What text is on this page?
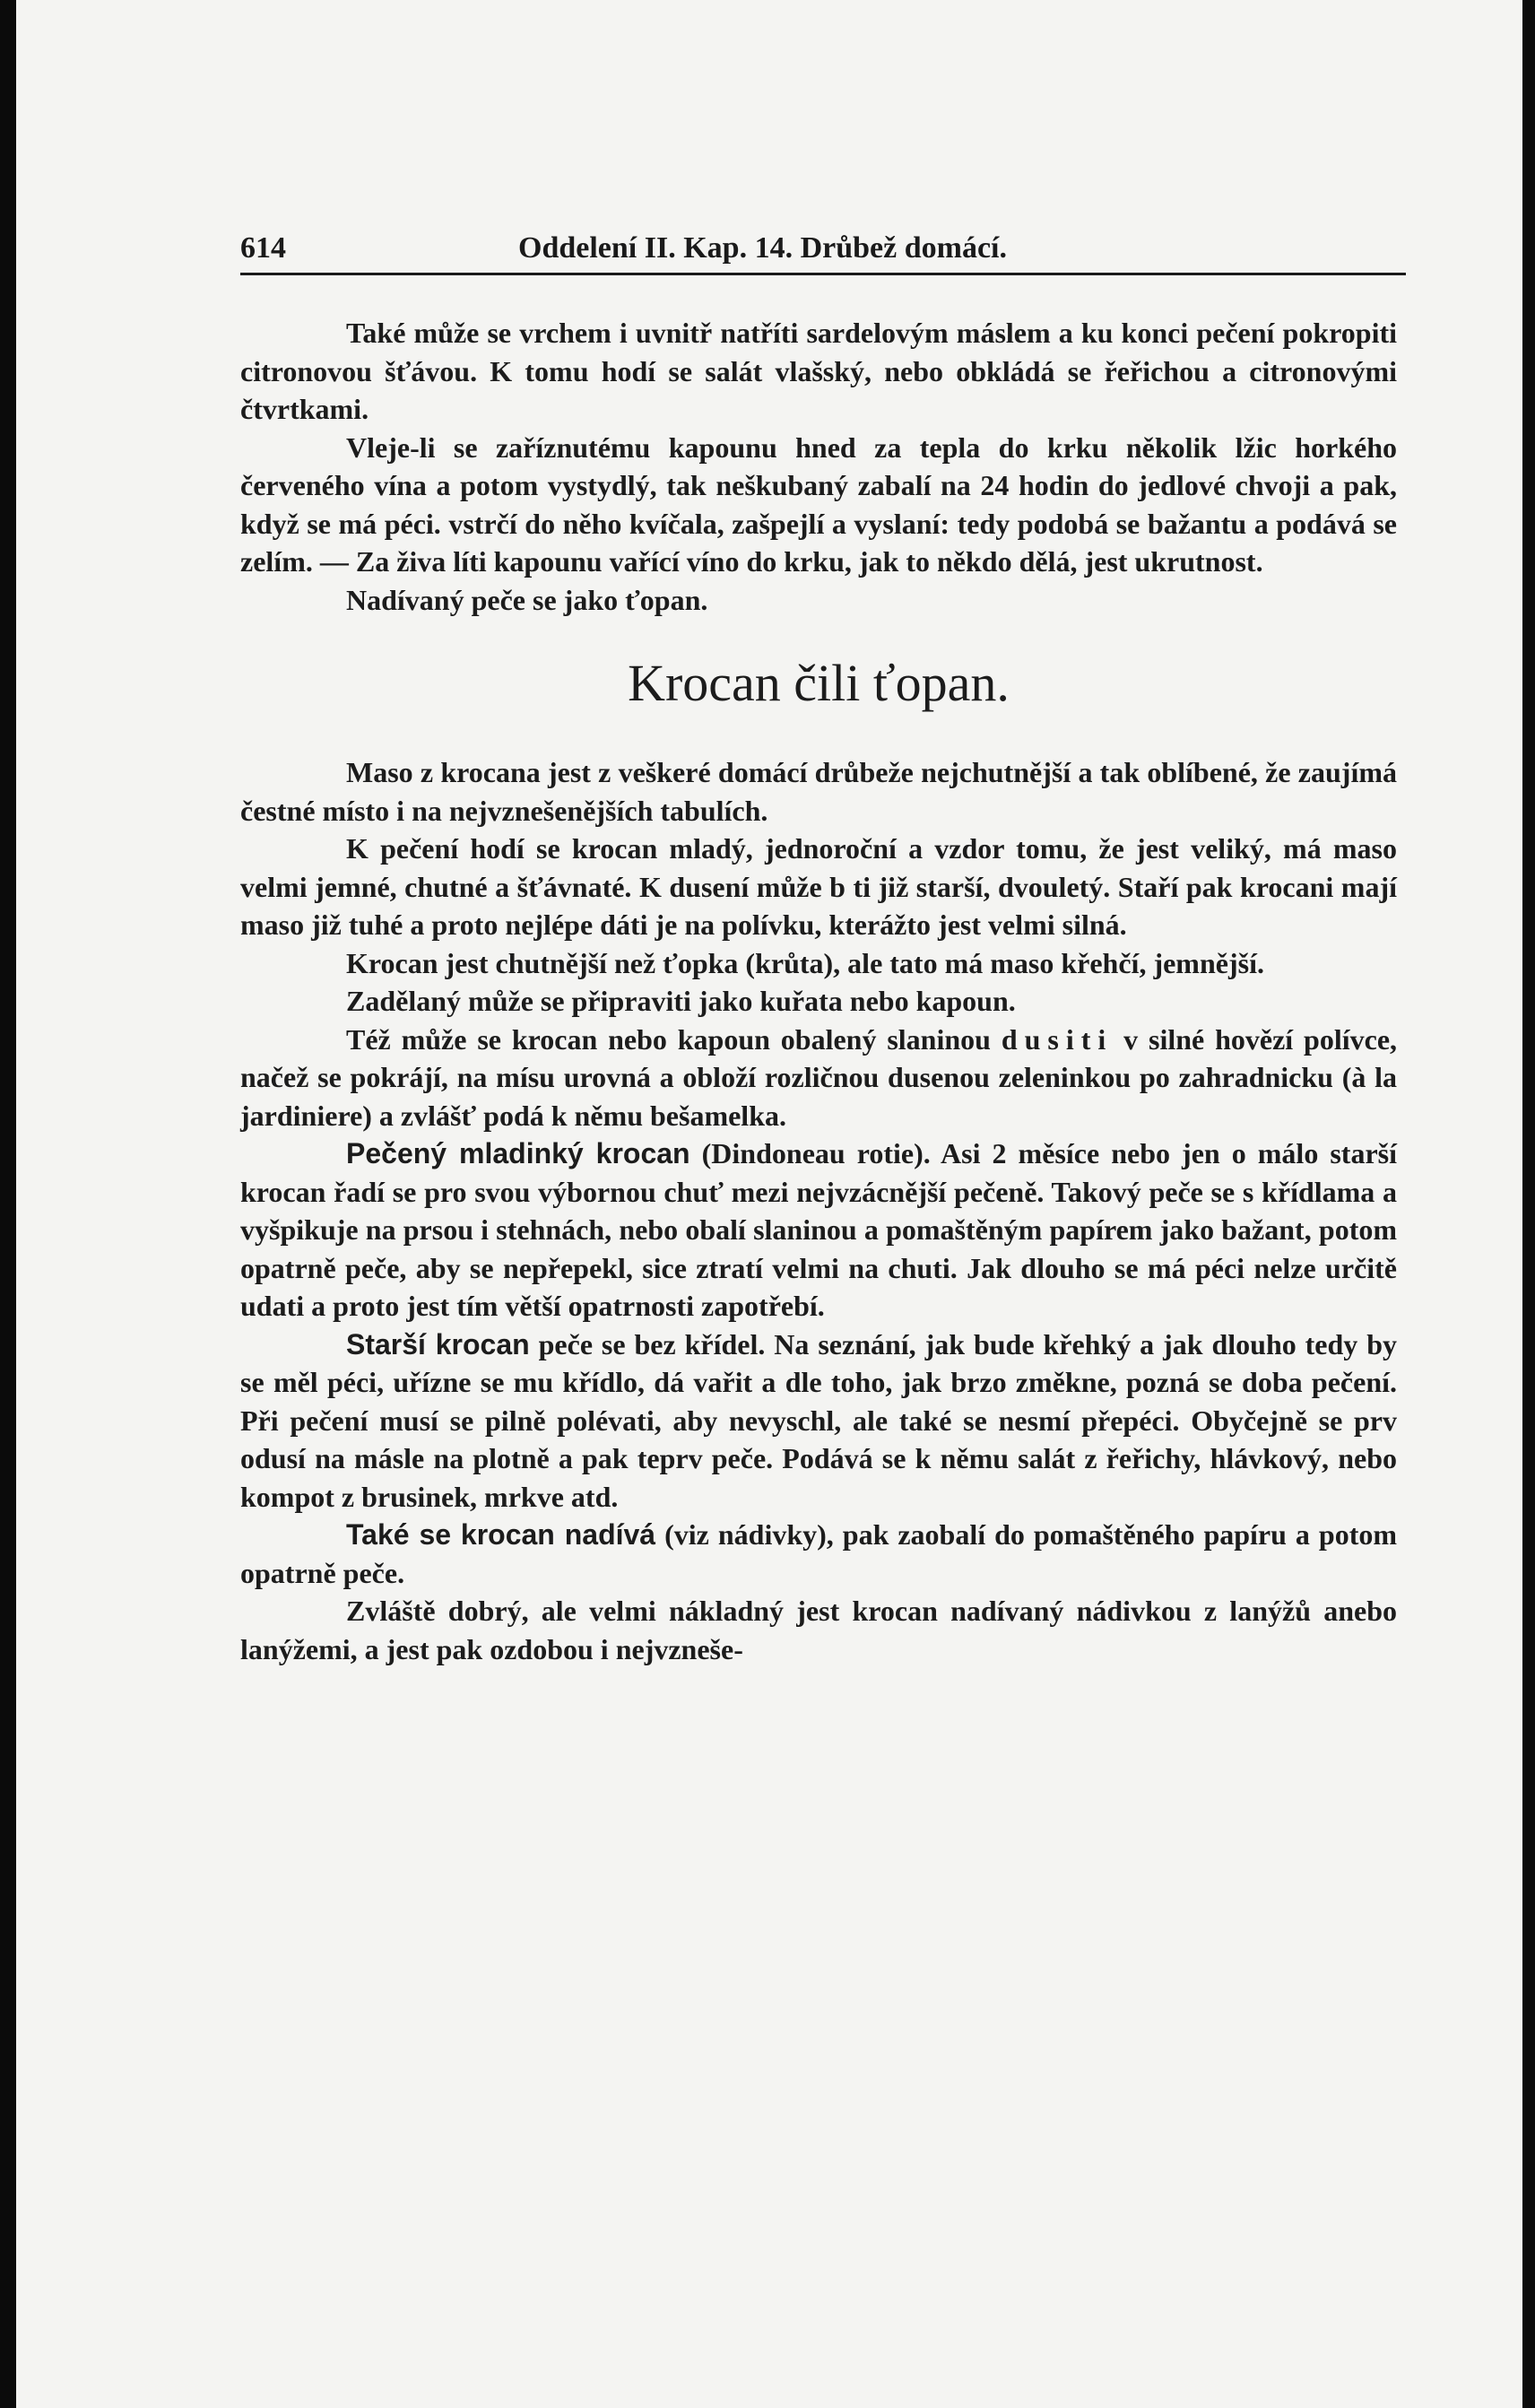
614	Oddelení II. Kap. 14. Drůbež domácí.

Také může se vrchem i uvnitř natříti sardelovým máslem a ku konci pečení pokropiti citronovou šťávou. K tomu hodí se salát vlašský, nebo obkládá se řeřichou a citronovými čtvrtkami.

Vleje-li se zaříznutému kapounu hned za tepla do krku několik lžic horkého červeného vína a potom vystydlý, tak neškubaný zabalí na 24 hodin do jedlové chvoji a pak, když se má péci. vstrčí do něho kvíčala, zašpejlí a vyslaní: tedy podobá se bažantu a podává se zelím. — Za živa líti kapounu vařící víno do krku, jak to někdo dělá, jest ukrutnost.

Nadívaný peče se jako ťopan.

Krocan čili ťopan.

Maso z krocana jest z veškeré domácí drůbeže nejchutnější a tak oblíbené, že zaujímá čestné místo i na nejvznešenějších tabulích.

K pečení hodí se krocan mladý, jednoroční a vzdor tomu, že jest veliký, má maso velmi jemné, chutné a šťávnaté. K dusení může b ti již starší, dvouletý. Staří pak krocani mají maso již tuhé a proto nejlépe dáti je na polívku, kterážto jest velmi silná.

Krocan jest chutnější než ťopka (krůta), ale tato má maso křehčí, jemnější.

Zadělaný může se připraviti jako kuřata nebo kapoun.

Též může se krocan nebo kapoun obalený slaninou dusiti v silné hovězí polívce, načež se pokrájí, na mísu urovná a obloží rozličnou dusenou zeleninkou po zahradnicku (à la jardiniere) a zvlášť podá k němu bešamelka.

Pečený mladinký krocan (Dindoneau rotie). Asi 2 měsíce nebo jen o málo starší krocan řadí se pro svou výbornou chuť mezi nejvzácnější pečeně. Takový peče se s křídlama a vyšpikuje na prsou i stehnách, nebo obalí slaninou a pomaštěným papírem jako bažant, potom opatrně peče, aby se nepřepekl, sice ztratí velmi na chuti. Jak dlouho se má péci nelze určitě udati a proto jest tím větší opatrnosti zapotřebí.

Starší krocan peče se bez křídel. Na seznání, jak bude křehký a jak dlouho tedy by se měl péci, uřízne se mu křídlo, dá vařit a dle toho, jak brzo změkne, pozná se doba pečení. Při pečení musí se pilně polévati, aby nevyschl, ale také se nesmí přepéci. Obyčejně se prv odusí na másle na plotně a pak teprv peče. Podává se k němu salát z řeřichy, hlávkový, nebo kompot z brusinek, mrkve atd.

Také se krocan nadívá (viz nádivky), pak zaobalí do pomaštěného papíru a potom opatrně peče.

Zvláště dobrý, ale velmi nákladný jest krocan nadívaný nádivkou z lanýžů anebo lanýžemi, a jest pak ozdobou i nejvzneše-
